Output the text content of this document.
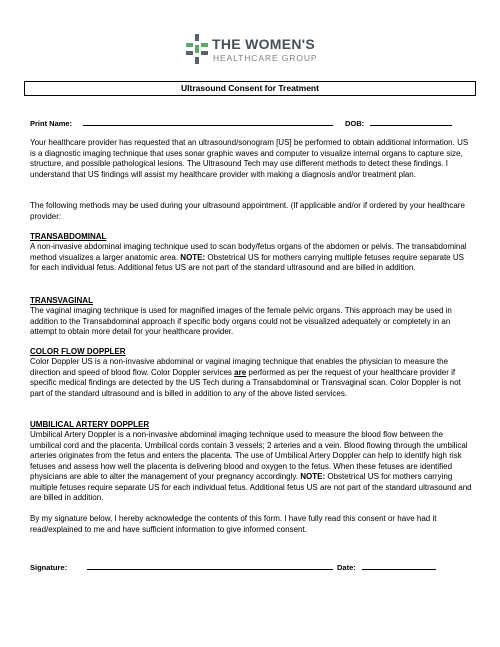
THE WOMEN'S
HEALTHCARE GROUP
Ultrasound Consent for Treatment
Print Name:	DOB:

Your healthcare provider has requested that an ultrasound/sonogram [US] be performed to obtain additional information. US is a diagnostic imaging technique that uses sonar graphic waves and computer to visualize internal organs to capture size, structure, and possible pathological lesions. The Ultrasound Tech may use different methods to detect these findings. I understand that US findings will assist my healthcare provider with making a diagnosis and/or treatment plan.

The following methods may be used during your ultrasound appointment. (If applicable and/or if ordered by your healthcare provider:

TRANSABDOMINAL

A non-invasive abdominal imaging technique used to scan body/fetus organs of the abdomen or pelvis. The transabdominal method visualizes a larger anatomic area. NOTE: Obstetrical US for mothers carrying multiple fetuses require separate US for each individual fetus. Additional fetus US are not part of the standard ultrasound and are billed in addition.

TRANSVAGINAL

The vaginal imaging technique is used for magnified images of the female pelvic organs. This approach may be used in addition to the Transabdominal approach if specific body organs could not be visualized adequately or completely in an attempt to obtain more detail for your healthcare provider.

COLOR FLOW DOPPLER

Color Doppler US is a non-invasive abdominal or vaginal imaging technique that enables the physician to measure the direction and speed of blood flow. Color Doppler services are performed as per the request of your healthcare provider if specific medical findings are detected by the US Tech during a Transabdominal or Transvaginal scan. Color Doppler is not part of the standard ultrasound and is billed in addition to any of the above listed services.

UMBILICAL ARTERY DOPPLER

Umbilical Artery Doppler is a non-invasive abdominal imaging technique used to measure the blood flow between the umbilical cord and the placenta. Umbilical cords contain 3 vessels; 2 arteries and a vein. Blood flowing through the umbilical arteries originates from the fetus and enters the placenta. The use of Umbilical Artery Doppler can help to identify high risk fetuses and assess how well the placenta is delivering blood and oxygen to the fetus. When these fetuses are identified physicians are able to alter the management of your pregnancy accordingly. NOTE: Obstetrical US for mothers carrying multiple fetuses require separate US for each individual fetus. Additional fetus US are not part of the standard ultrasound and are billed in addition.

By my signature below, I hereby acknowledge the contents of this form. I have fully read this consent or have had it read/explained to me and have sufficient information to give informed consent.

Signature:	Date:
